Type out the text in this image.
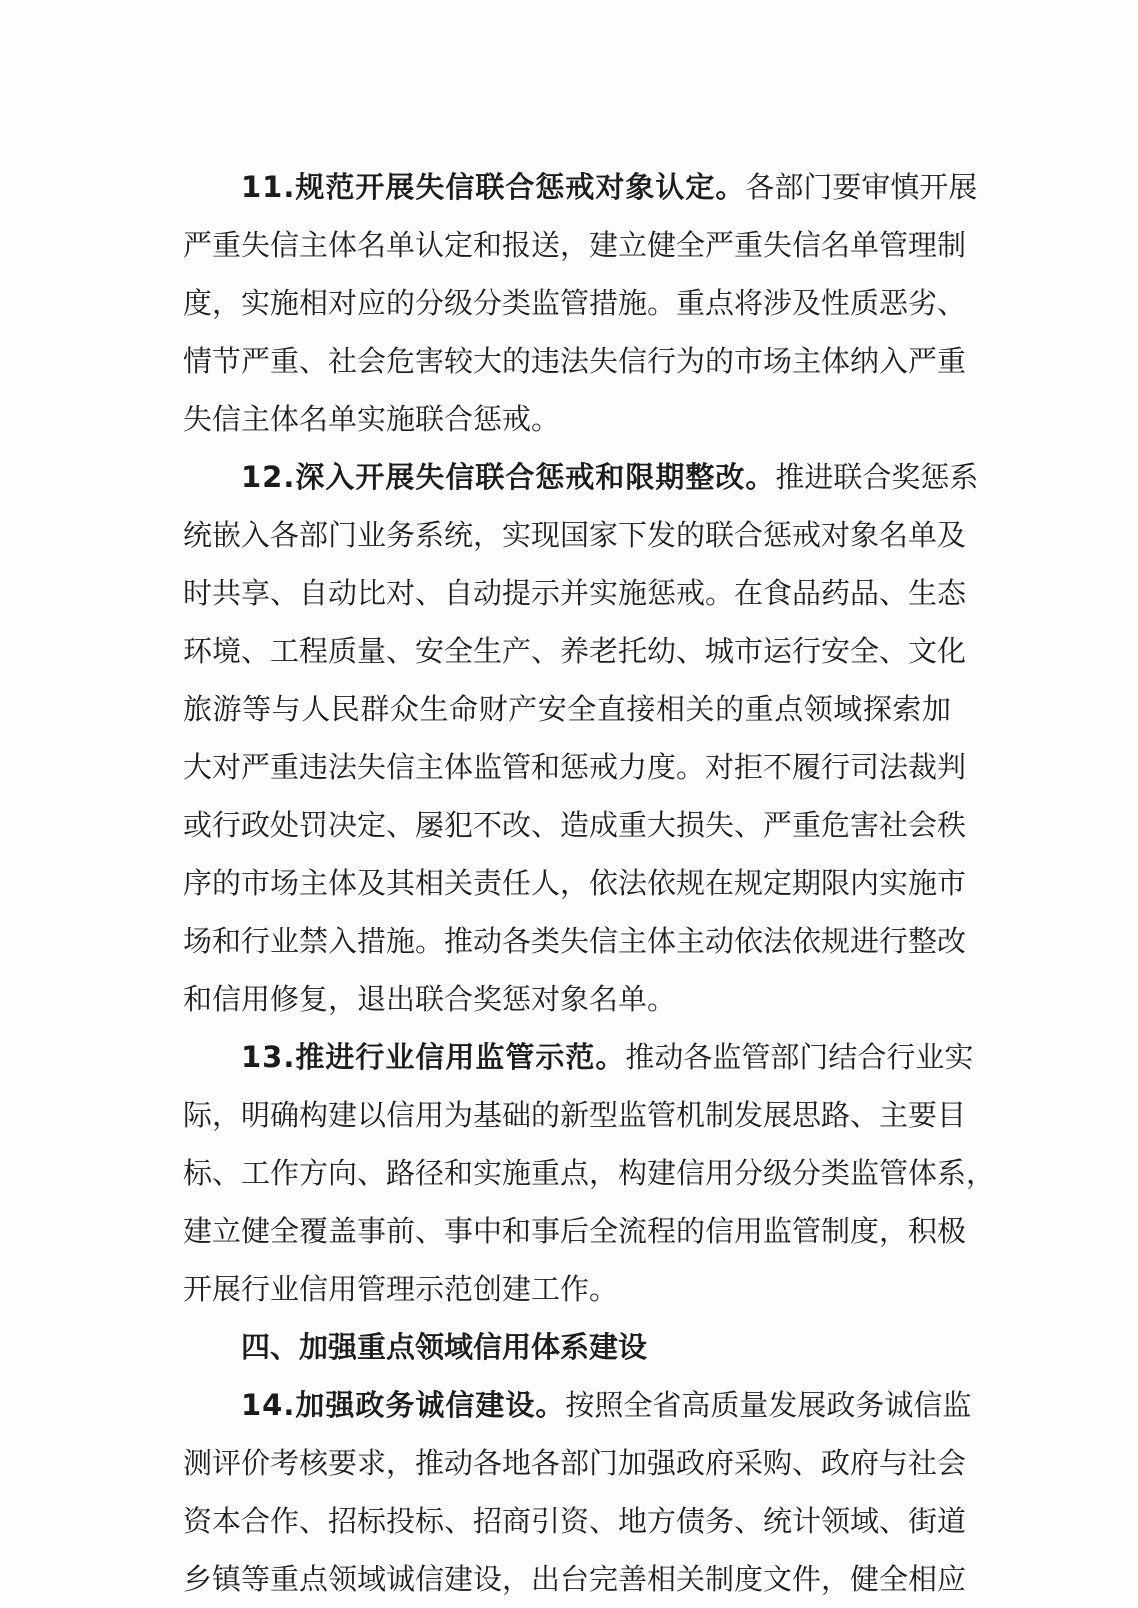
11.规范开展失信联合惩戒对象认定。各部门要审慎开展
严重失信主体名单认定和报送，建立健全严重失信名单管理制
度，实施相对应的分级分类监管措施。重点将涉及性质恶劣、
情节严重、社会危害较大的违法失信行为的市场主体纳入严重
失信主体名单实施联合惩戒。
12.深入开展失信联合惩戒和限期整改。推进联合奖惩系
统嵌入各部门业务系统，实现国家下发的联合惩戒对象名单及
时共享、自动比对、自动提示并实施惩戒。在食品药品、生态
环境、工程质量、安全生产、养老托幼、城市运行安全、文化
旅游等与人民群众生命财产安全直接相关的重点领域探索加
大对严重违法失信主体监管和惩戒力度。对拒不履行司法裁判
或行政处罚决定、屡犯不改、造成重大损失、严重危害社会秩
序的市场主体及其相关责任人，依法依规在规定期限内实施市
场和行业禁入措施。推动各类失信主体主动依法依规进行整改
和信用修复，退出联合奖惩对象名单。
13.推进行业信用监管示范。推动各监管部门结合行业实
际，明确构建以信用为基础的新型监管机制发展思路、主要目
标、工作方向、路径和实施重点，构建信用分级分类监管体系，
建立健全覆盖事前、事中和事后全流程的信用监管制度，积极
开展行业信用管理示范创建工作。
四、加强重点领域信用体系建设
14.加强政务诚信建设。按照全省高质量发展政务诚信监
测评价考核要求，推动各地各部门加强政府采购、政府与社会
资本合作、招标投标、招商引资、地方债务、统计领域、街道
乡镇等重点领域诚信建设，出台完善相关制度文件，健全相应
